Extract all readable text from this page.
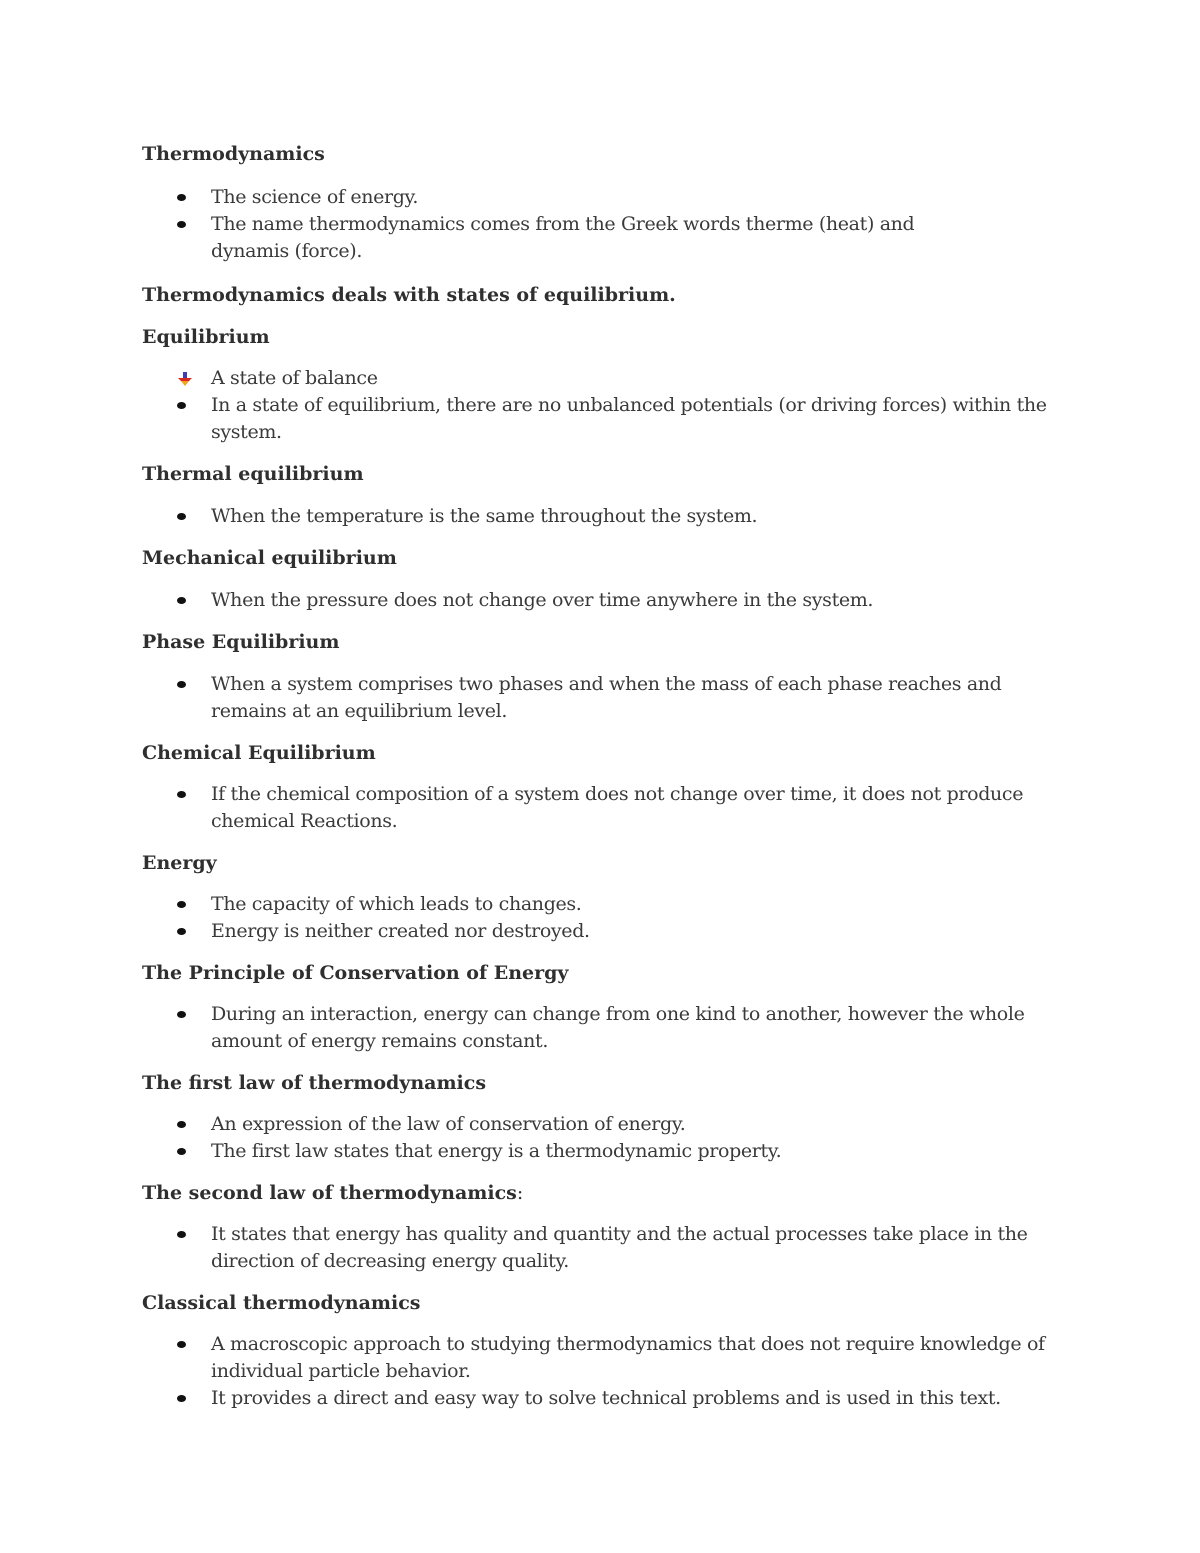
Thermodynamics

The science of energy.
The name thermodynamics comes from the Greek words therme (heat) and dynamis (force).

Thermodynamics deals with states of equilibrium.

Equilibrium

A state of balance
In a state of equilibrium, there are no unbalanced potentials (or driving forces) within the system.

Thermal equilibrium

When the temperature is the same throughout the system.

Mechanical equilibrium

When the pressure does not change over time anywhere in the system.

Phase Equilibrium

When a system comprises two phases and when the mass of each phase reaches and remains at an equilibrium level.

Chemical Equilibrium

If the chemical composition of a system does not change over time, it does not produce chemical Reactions.

Energy

The capacity of which leads to changes.
Energy is neither created nor destroyed.

The Principle of Conservation of Energy

During an interaction, energy can change from one kind to another, however the whole amount of energy remains constant.

The first law of thermodynamics

An expression of the law of conservation of energy.
The first law states that energy is a thermodynamic property.

The second law of thermodynamics:

It states that energy has quality and quantity and the actual processes take place in the direction of decreasing energy quality.

Classical thermodynamics

A macroscopic approach to studying thermodynamics that does not require knowledge of individual particle behavior.
It provides a direct and easy way to solve technical problems and is used in this text.
